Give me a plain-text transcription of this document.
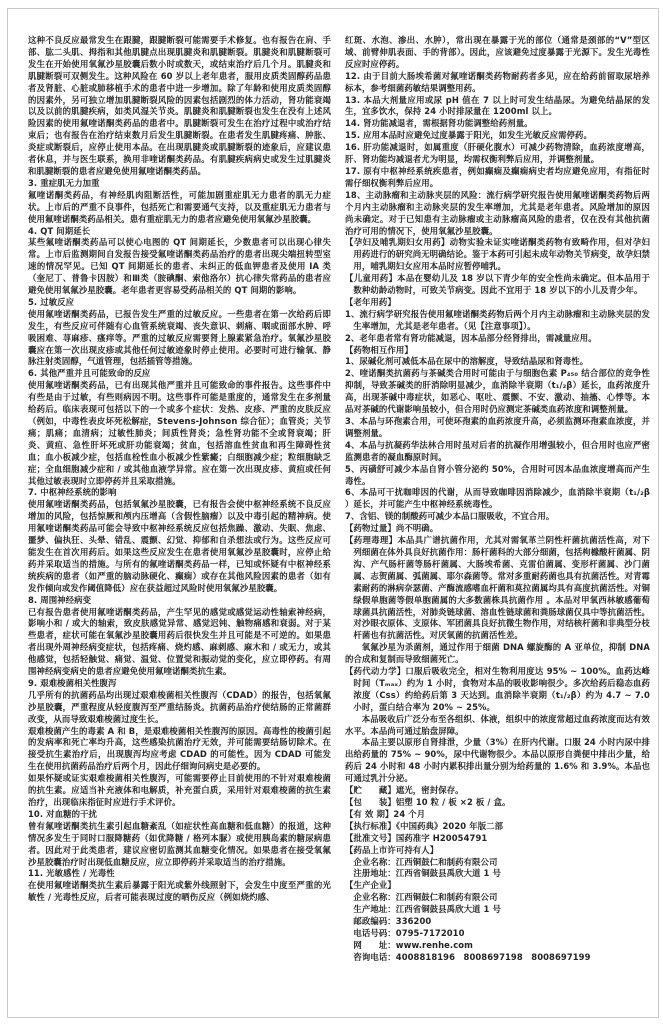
这种不良反应最常发生在跟腱，跟腱断裂可能需要手术修复。也有报告在肩、手部、肱二头肌、拇指和其他肌腱点出现肌腱炎和肌腱断裂。肌腱炎和肌腱断裂可发生在开始使用氧氟沙星胶囊后数小时或数天，或结束治疗后几个月。肌腱炎和肌腱断裂可双侧发生。这种风险在 60 岁以上老年患者，服用皮质类固醇药品患者及肾脏、心脏或肺移植手术的患者中进一步增加。除了年龄和使用皮质类固醇的因素外，另可独立增加肌腱断裂风险的因素包括剧烈的体力活动，肾功能衰竭以及以前的肌腱疾病，如类风湿关节炎。肌腱炎和肌腱断裂也发生在没有上述风险因素的使用氟喹诺酮类药品的患者中。肌腱断裂可发生在治疗过程中或治疗结束后；也有报告在治疗结束数月后发生肌腱断裂。在患者发生肌腱疼痛、肿胀、炎症或断裂后，应停止使用本品。在出现肌腱炎或肌腱断裂的迹象后，应建议患者休息，并与医生联系，换用非喹诺酮类药品。有肌腱疾病病史或发生过肌腱炎和肌腱断裂的患者应避免使用氟喹诺酮类药品。

3. 重症肌无力加重

氟喹诺酮类药品，有神经肌肉阻断活性，可能加剧重症肌无力患者的肌无力症状。上市后的严重不良事件，包括死亡和需要通气支持，以及重症肌无力患者与使用氟喹诺酮类药品相关。患有重症肌无力的患者应避免使用氧氟沙星胶囊。

4. QT 间期延长

某些氟喹诺酮类药品可以使心电图的 QT 间期延长，少数患者可以出现心律失常。上市后监测期间自发报告接受氟喹诺酮类药品治疗的患者出现尖端扭转型室速的情况罕见。已知 QT 间期延长的患者、未纠正的低血钾患者及使用 IA 类（奎尼丁、普鲁卡因胺）和Ⅲ类（胺碘酮、索他洛尔）抗心律失常药品的患者应避免使用氧氟沙星胶囊。老年患者更容易受药品相关的 QT 间期的影响。

5. 过敏反应

使用氟喹诺酮类药品，已报告发生严重的过敏反应。一些患者在第一次给药后即发生，有些反应可伴随有心血管系统衰竭、丧失意识、刺痛、咽或面部水肿、呼吸困难、荨麻疹、瘙痒等。严重的过敏反应需要肾上腺素紧急治疗。氧氟沙星胶囊应在第一次出现皮疹或其他任何过敏迹象时停止使用。必要时可进行输氧、静脉注射类固醇，气道管理，包括插管等措施。

6. 其他严重并且可能致命的反应

使用氟喹诺酮类药品，已有出现其他严重并且可能致命的事件报告。这些事件中有些是由于过敏，有些则病因不明。这些事件可能是重度的，通常发生在多剂量给药后。临床表现可包括以下的一个或多个症状：发热、皮疹、严重的皮肤反应（例如，中毒性表皮坏死松解症，Stevens-Johnson 综合征）；血管炎；关节痛；肌痛；血清病；过敏性肺炎；间质性肾炎；急性肾功能不全或肾衰竭；肝炎、黄疸、急性肝坏死或肝功能衰竭；贫血，包括溶血性贫血和再生障碍性贫血；血小板减少症，包括血栓性血小板减少性紫癜；白细胞减少症；粒细胞缺乏症；全血细胞减少症和 / 或其他血液学异常。应在第一次出现皮疹、黄疸或任何其他过敏表现时立即停药并且采取措施。

7. 中枢神经系统的影响

使用氟喹诺酮类药品，包括氧氟沙星胶囊，已有报告会使中枢神经系统不良反应增加的风险，包括惊厥和颅内压增高（含假性脑瘤）以及中毒引起的精神病。使用氟喹诺酮类药品可能会导致中枢神经系统反应包括焦躁、激动、失眠、焦虑、噩梦、偏执狂、头晕、错乱、震颤、幻觉、抑郁和自杀想法或行为。这些反应可能发生在首次用药后。如果这些反应发生在患者使用氧氟沙星胶囊时，应停止给药并采取适当的措施。与所有的氟喹诺酮类药品一样，已知或怀疑有中枢神经系统疾病的患者（如严重的脑动脉硬化、癫痫）或存在其他风险因素的患者（如有发作倾向或发作阈值降低）应在获益超过风险时使用氧氟沙星胶囊。

8. 周围神经病变

已有报告患者使用氟喹诺酮类药品，产生罕见的感觉或感觉运动性轴索神经病，影响小和 / 或大的轴索，致皮肤感觉异常、感觉迟钝、触物痛感和衰弱。对于某些患者，症状可能在氧氟沙星胶囊用药后很快发生并且可能是不可逆的。如果患者出现外周神经病变症状，包括疼痛、烧灼感、麻刺感、麻木和 / 或无力，或其他感觉，包括轻触觉、痛觉、温觉、位置觉和振动觉的变化，应立即停药。有周围神经病变病史的患者应避免使用氟喹诺酮类抗生素。

9. 艰难梭菌相关性腹泻

几乎所有的抗菌药品均出现过艰难梭菌相关性腹泻（CDAD）的报告，包括氧氟沙星胶囊，严重程度从轻度腹泻至严重结肠炎。抗菌药品治疗使结肠的正常菌群改变，从而导致艰难梭菌过度生长。

艰难梭菌产生的毒素 A 和 B，是艰难梭菌相关性腹泻的原因。高毒性的梭菌引起的发病率和死亡率均升高，这些感染抗菌治疗无效，并可能需要结肠切除术。在接受抗生素治疗后，出现腹泻均应考虑 CDAD 的可能性。因为 CDAD 可能发生在使用抗菌药品治疗后两个月，因此仔细询问病史是必要的。

如果怀疑或证实艰难梭菌相关性腹泻，可能需要停止目前使用的不针对艰难梭菌的抗生素。应适当补充液体和电解质，补充蛋白质，采用针对艰难梭菌的抗生素治疗，出现临床指征时应进行手术评价。

10. 对血糖的干扰

曾有氟喹诺酮类抗生素引起血糖紊乱（如症状性高血糖和低血糖）的报道，这种情况多发生于同时口服降糖药（如优降糖 / 格列本脲）或使用胰岛素的糖尿病患者。因此对于此类患者，建议应密切监测其血糖变化情况。如果患者在接受氧氟沙星胶囊治疗时出现低血糖反应，应立即停药并采取适当的治疗措施。

11. 光敏感性 / 光毒性

在使用氟喹诺酮类抗生素后暴露于阳光或紫外线照射下，会发生中度至严重的光敏性 / 光毒性反应，后者可能表现过度的晒伤反应（例如烧灼感、

红斑、水泡、渗出、水肿），常出现在暴露于光的部位（通常是颈部的“V”型区域、前臂伸肌表面、手的背部）。因此，应该避免过度暴露于光源下。发生光毒性反应时应停药。

12. 由于目前大肠埃希菌对氟喹诺酮类药物耐药者多见，应在给药前留取尿培养标本，参考细菌药敏结果调整用药。

13. 本品大剂量应用或尿 pH 值在 7 以上时可发生结晶尿。为避免结晶尿的发生，宜多饮水，保持 24 小时排尿量在 1200ml 以上。

14. 肾功能减退者，需根据肾功能调整给药剂量。

15. 应用本品时应避免过度暴露于阳光，如发生光敏反应需停药。

16. 肝功能减退时，如属重度（肝硬化腹水）可减少药物清除，血药浓度增高，肝、肾功能均减退者尤为明显，均需权衡利弊后应用，并调整剂量。

17. 原有中枢神经系统疾患者，例如癫痫及癫痫病史者均应避免应用，有指征时需仔细权衡利弊后应用。

18、主动脉瘤和主动脉夹层的风险：流行病学研究报告使用氟喹诺酮类药物后两个月内主动脉瘤和主动脉夹层的发生率增加，尤其是老年患者。风险增加的原因尚未确定。对于已知患有主动脉瘤或主动脉瘤高风险的患者，仅在没有其他抗菌治疗可用的情况下，使用氧氟沙星胶囊。

【孕妇及哺乳期妇女用药】动物实验未证实喹诺酮类药物有致畸作用，但对孕妇用药进行的研究尚无明确结论。鉴于本药可引起未成年动物关节病变，故孕妇禁用，哺乳期妇女应用本品时应暂停哺乳。

【儿童用药】本品在婴幼儿及 18 岁以下青少年的安全性尚未确定。但本品用于数种幼龄动物时，可致关节病变。因此不宜用于 18 岁以下的小儿及青少年。

【老年用药】

1、流行病学研究报告使用氟喹诺酮类药物后两个月内主动脉瘤和主动脉夹层的发生率增加，尤其是老年患者。（见【注意事项】）。

2、老年患者常有肾功能减退，因本品部分经肾排出，需减量应用。

【药物相互作用】

1、尿碱化剂可减低本品在尿中的溶解度，导致结晶尿和肾毒性。

2、喹诺酮类抗菌药与茶碱类合用时可能由于与细胞色素 P₄₅₀ 结合部位的竞争性抑制，导致茶碱类的肝消除明显减少，血消除半衰期（t₁/₂β）延长，血药浓度升高，出现茶碱中毒症状，如恶心、呕吐、震颤、不安、激动、抽搐、心悸等。本品对茶碱的代谢影响虽较小，但合用时仍应测定茶碱类血药浓度和调整剂量。

3、本品与环孢素合用，可使环孢素的血药浓度升高，必须监测环孢素血浓度，并调整剂量。

4、本品与抗凝药华法林合用时虽对后者的抗凝作用增强较小，但合用时也应严密监测患者的凝血酶原时间。

5、丙磺舒可减少本品自肾小管分泌约 50%，合用时可因本品血浓度增高而产生毒性。

6、本品可干扰咖啡因的代谢，从而导致咖啡因消除减少，血消除半衰期（t₁/₂β ）延长，并可能产生中枢神经系统毒性。

7、含铝、镁的制酸药可减少本品口服吸收，不宜合用。

【药物过量】尚不明确。

【药理毒理】本品具广谱抗菌作用，尤其对需氧革兰阴性杆菌抗菌活性高，对下列细菌在体外具良好抗菌作用：肠杆菌科的大部分细菌，包括枸橼酸杆菌属、阴沟、产气肠杆菌等肠杆菌属、大肠埃希菌、克雷伯菌属、变形杆菌属、沙门菌属、志贺菌属、弧菌属、耶尔森菌等。常对多重耐药菌也具有抗菌活性。对青霉素耐药的淋病奈瑟菌、产酶流感嗜血杆菌和莫拉菌属均具有高度抗菌活性。对铜绿假单胞菌等假单胞菌属的大多数菌株具抗菌作用 。本品对甲氧西林敏感葡萄球菌具抗菌活性，对肺炎链球菌、溶血性链球菌和粪肠球菌仅具中等抗菌活性。对沙眼衣原体、支原体、军团菌具良好抗微生物作用，对结核杆菌和非典型分枝杆菌也有抗菌活性。对厌氧菌的抗菌活性差。

氧氟沙星为杀菌剂，通过作用于细菌 DNA 螺旋酶的 A 亚单位，抑制 DNA 的合成和复制而导致细菌死亡。

【药代动力学】口服后吸收完全，相对生物利用度达 95% ~ 100%。血药达峰时间（Tₘₐₓ）约为 1 小时，食物对本品的吸收影响很少。多次给药后稳态血药浓度（Css）约给药后第 3 天达到。血消除半衰期（t₁/₂β）约为 4.7 ~ 7.0 小时，蛋白结合率为 20% ~ 25%。

本品吸收后广泛分布至各组织、体液，组织中的浓度常超过血药浓度而达有效水平。本品尚可通过胎盘屏障。

本品主要以原形自肾排泄，少量（3%）在肝内代谢。口服 24 小时内尿中排出给药量的 75% ~ 90%，尿中代谢物很少。本品以原形自粪便中排出少量，给药后 24 小时和 48 小时内累积排出量分别为给药量的 1.6% 和 3.9%。本品也可通过乳汁分泌。

【贮　　藏】遮光，密封保存。

【包　　装】铝塑 10 粒 / 板 ×2 板 / 盒。

【有 效 期】24 个月

【执行标准】《中国药典》2020 年版二部

【批准文号】国药准字 H20054791

【药品上市许可持有人】

企业名称：江西铜鼓仁和制药有限公司

注册地址：江西省铜鼓县禹欣大道 1 号

【生产企业】

企业名称：江西铜鼓仁和制药有限公司

生产地址：江西省铜鼓县禹欣大道 1 号

邮政编码：336200

电话号码：0795-7172010

网　　址：www.renhe.com

咨询电话：4008818196　8008697198　8008697199
